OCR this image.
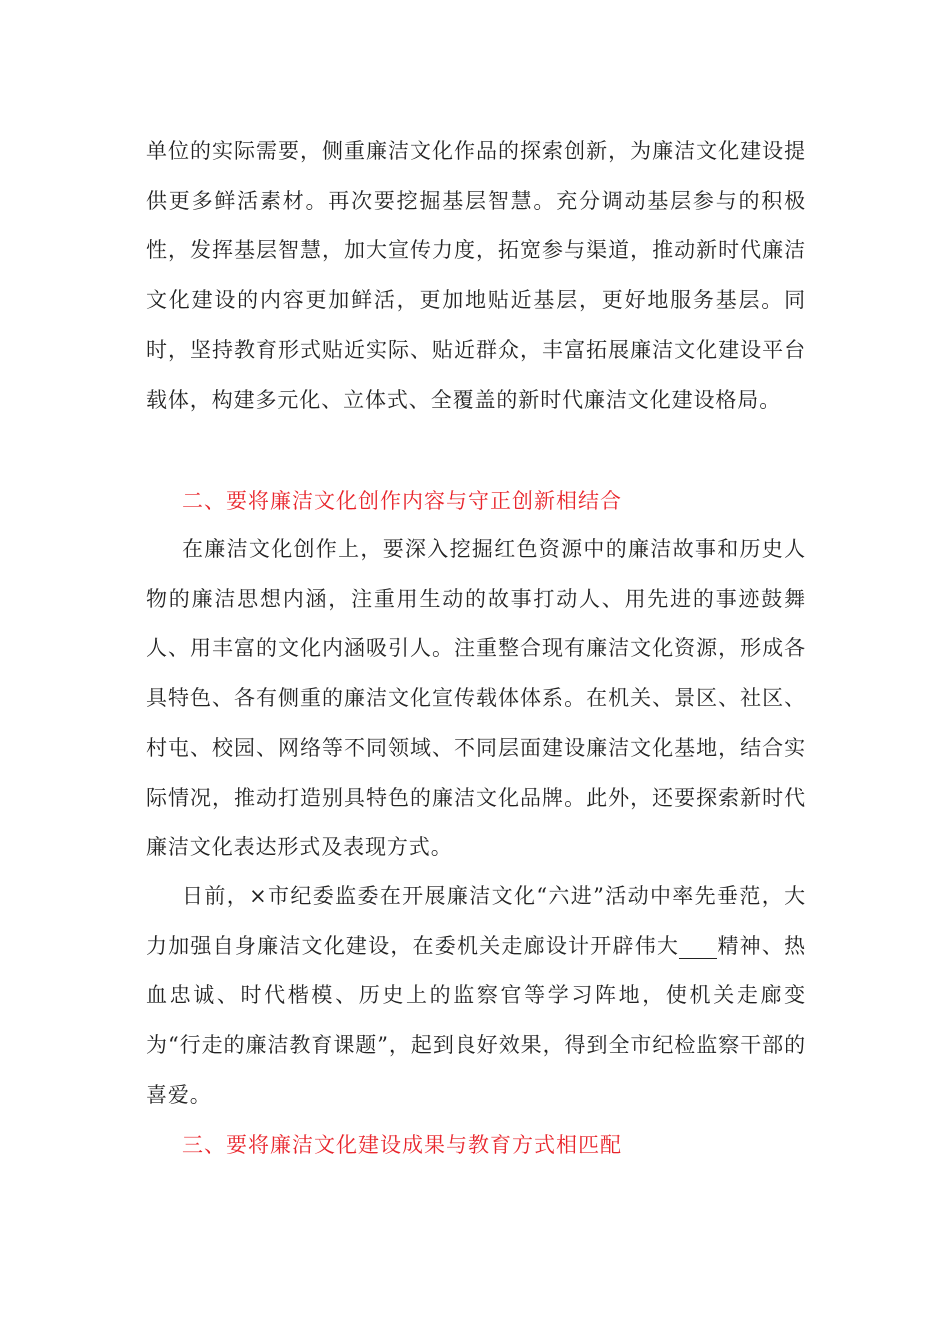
单位的实际需要，侧重廉洁文化作品的探索创新，为廉洁文化建设提供更多鲜活素材。再次要挖掘基层智慧。充分调动基层参与的积极性，发挥基层智慧，加大宣传力度，拓宽参与渠道，推动新时代廉洁文化建设的内容更加鲜活，更加地贴近基层，更好地服务基层。同时，坚持教育形式贴近实际、贴近群众，丰富拓展廉洁文化建设平台载体，构建多元化、立体式、全覆盖的新时代廉洁文化建设格局。

二、要将廉洁文化创作内容与守正创新相结合

在廉洁文化创作上，要深入挖掘红色资源中的廉洁故事和历史人物的廉洁思想内涵，注重用生动的故事打动人、用先进的事迹鼓舞人、用丰富的文化内涵吸引人。注重整合现有廉洁文化资源，形成各具特色、各有侧重的廉洁文化宣传载体体系。在机关、景区、社区、村屯、校园、网络等不同领域、不同层面建设廉洁文化基地，结合实际情况，推动打造别具特色的廉洁文化品牌。此外，还要探索新时代廉洁文化表达形式及表现方式。

日前，×市纪委监委在开展廉洁文化“六进”活动中率先垂范，大力加强自身廉洁文化建设，在委机关走廊设计开辟伟大 精神、热血忠诚、时代楷模、历史上的监察官等学习阵地，使机关走廊变为“行走的廉洁教育课题”，起到良好效果，得到全市纪检监察干部的喜爱。

三、要将廉洁文化建设成果与教育方式相匹配
